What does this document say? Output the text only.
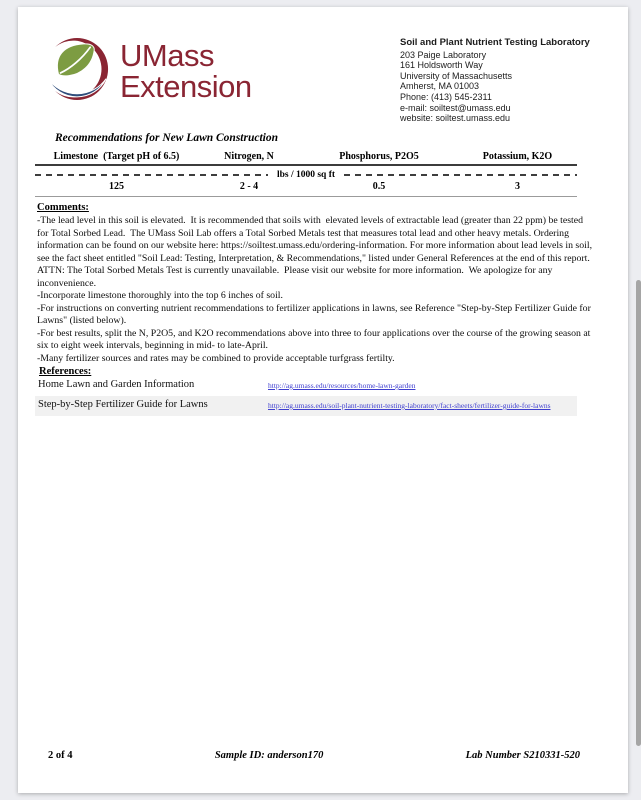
UMass
Extension
Soil and Plant Nutrient Testing Laboratory
203 Paige Laboratory
161 Holdsworth Way
University of Massachusetts
Amherst, MA 01003
Phone: (413) 545-2311
e-mail: soiltest@umass.edu
website: soiltest.umass.edu
Recommendations for New Lawn Construction
Limestone  (Target pH of 6.5)	Nitrogen, N	Phosphorus, P2O5	Potassium, K2O
lbs / 1000 sq ft
125	2 - 4	0.5	3
Comments:

-The lead level in this soil is elevated.  It is recommended that soils with  elevated levels of extractable lead (greater than 22 ppm) be tested for Total Sorbed Lead.  The UMass Soil Lab offers a Total Sorbed Metals test that measures total lead and other heavy metals. Ordering information can be found on our website here: https://soiltest.umass.edu/ordering-information. For more information about lead levels in soil, see the fact sheet entitled "Soil Lead: Testing, Interpretation, & Recommendations," listed under General References at the end of this report. ATTN: The Total Sorbed Metals Test is currently unavailable.  Please visit our website for more information.  We apologize for any inconvenience.

-Incorporate limestone thoroughly into the top 6 inches of soil.

-For instructions on converting nutrient recommendations to fertilizer applications in lawns, see Reference "Step-by-Step Fertilizer Guide for Lawns" (listed below).

-For best results, split the N, P2O5, and K2O recommendations above into three to four applications over the course of the growing season at six to eight week intervals, beginning in mid- to late-April.

-Many fertilizer sources and rates may be combined to provide acceptable turfgrass fertilty.

References:
Home Lawn and Garden Information	http://ag.umass.edu/resources/home-lawn-garden
Step-by-Step Fertilizer Guide for Lawns	http://ag.umass.edu/soil-plant-nutrient-testing-laboratory/fact-sheets/fertilizer-guide-for-lawns
2 of 4	Sample ID: anderson170	Lab Number S210331-520
